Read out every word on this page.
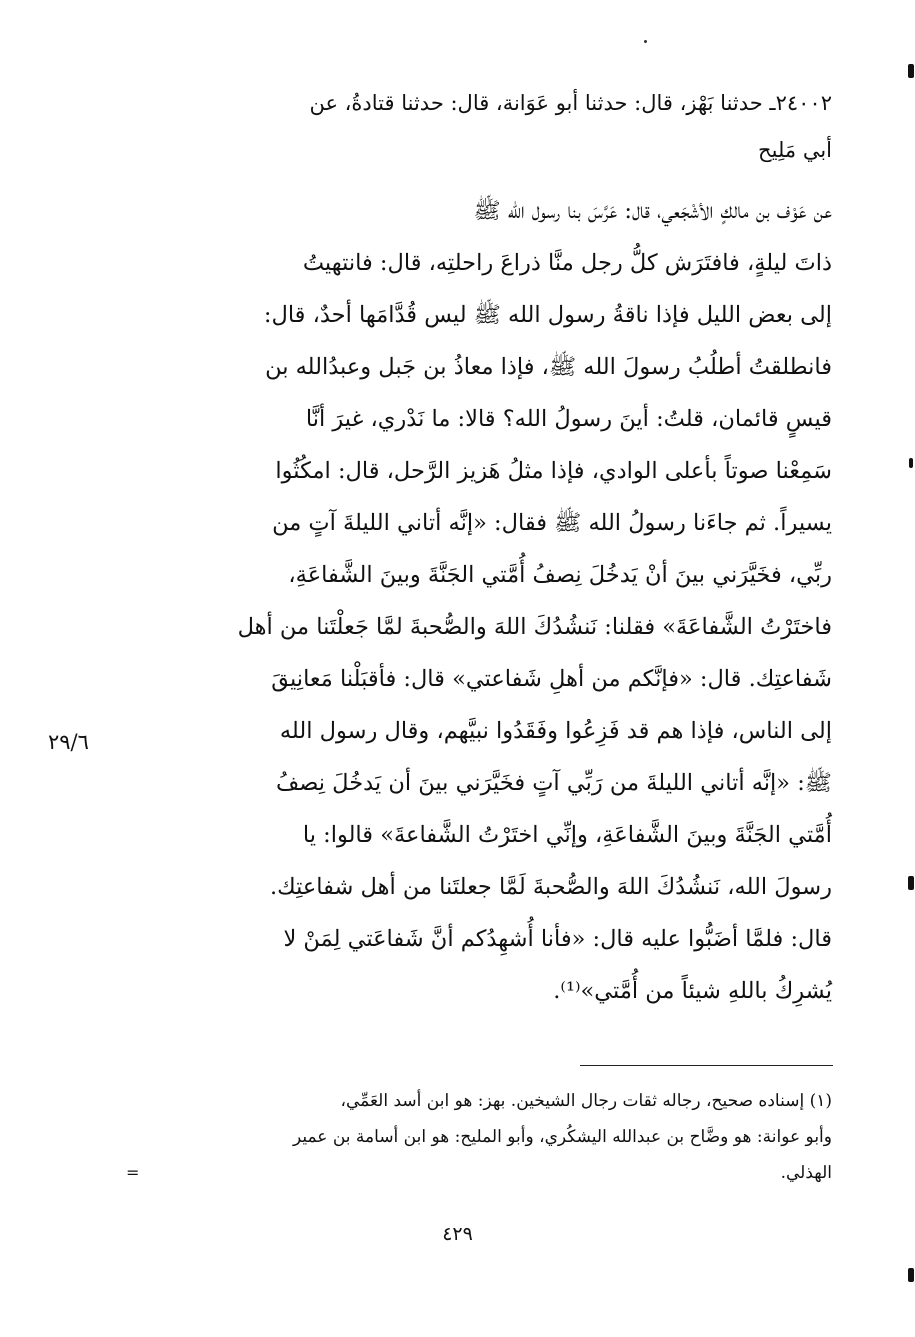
٢٤٠٠٢ـ حدثنا بَهْز، قال: حدثنا أبو عَوَانة، قال: حدثنا قتادةُ، عن
أبي مَلِيح
عن عَوْف بن مالكٍ الأشْجَعي، قال: عَرَّسَ بنا رسول الله ﷺ
ذاتَ ليلةٍ، فافتَرَش كلُّ رجل منَّا ذراعَ راحلتِه، قال: فانتهيتُ
إلى بعض الليل فإذا ناقةُ رسول الله ﷺ ليس قُدَّامَها أحدٌ، قال:
فانطلقتُ أطلُبُ رسولَ الله ﷺ، فإذا معاذُ بن جَبل وعبدُالله بن
قيسٍ قائمان، قلتُ: أينَ رسولُ الله؟ قالا: ما نَدْري، غيرَ أنَّا
سَمِعْنا صوتاً بأعلى الوادي، فإذا مثلُ هَزيز الرَّحل، قال: امكُثُوا
يسيراً. ثم جاءَنا رسولُ الله ﷺ فقال: «إنَّه أتاني الليلةَ آتٍ من
ربِّي، فخَيَّرَني بينَ أنْ يَدخُلَ نِصفُ أُمَّتي الجَنَّةَ وبينَ الشَّفاعَةِ،
فاختَرْتُ الشَّفاعَةَ» فقلنا: نَنشُدُكَ اللهَ والصُّحبةَ لمَّا جَعلْتَنا من أهل
شَفاعتِك. قال: «فإنَّكم من أهلِ شَفاعتي» قال: فأقبَلْنا مَعانِيقَ
إلى الناس، فإذا هم قد فَزِعُوا وفَقَدُوا نبيَّهم، وقال رسول الله
ﷺ: «إنَّه أتاني الليلةَ من رَبِّي آتٍ فخَيَّرَني بينَ أن يَدخُلَ نِصفُ
أُمَّتي الجَنَّةَ وبينَ الشَّفاعَةِ، وإنِّي اختَرْتُ الشَّفاعةَ» قالوا: يا
رسولَ الله، نَنشُدُكَ اللهَ والصُّحبةَ لَمَّا جعلتَنا من أهل شفاعتِك.
قال: فلمَّا أضَبُّوا عليه قال: «فأنا أُشهِدُكم أنَّ شَفاعَتي لِمَنْ لا
يُشرِكُ باللهِ شيئاً من أُمَّتي»⁽¹⁾.
٢٩/٦
(١) إسناده صحيح، رجاله ثقات رجال الشيخين. بهز: هو ابن أسد العَمِّي،
وأبو عوانة: هو وضَّاح بن عبدالله اليشكُري، وأبو المليح: هو ابن أسامة بن عمير
الهذلي.
=
٤٢٩
